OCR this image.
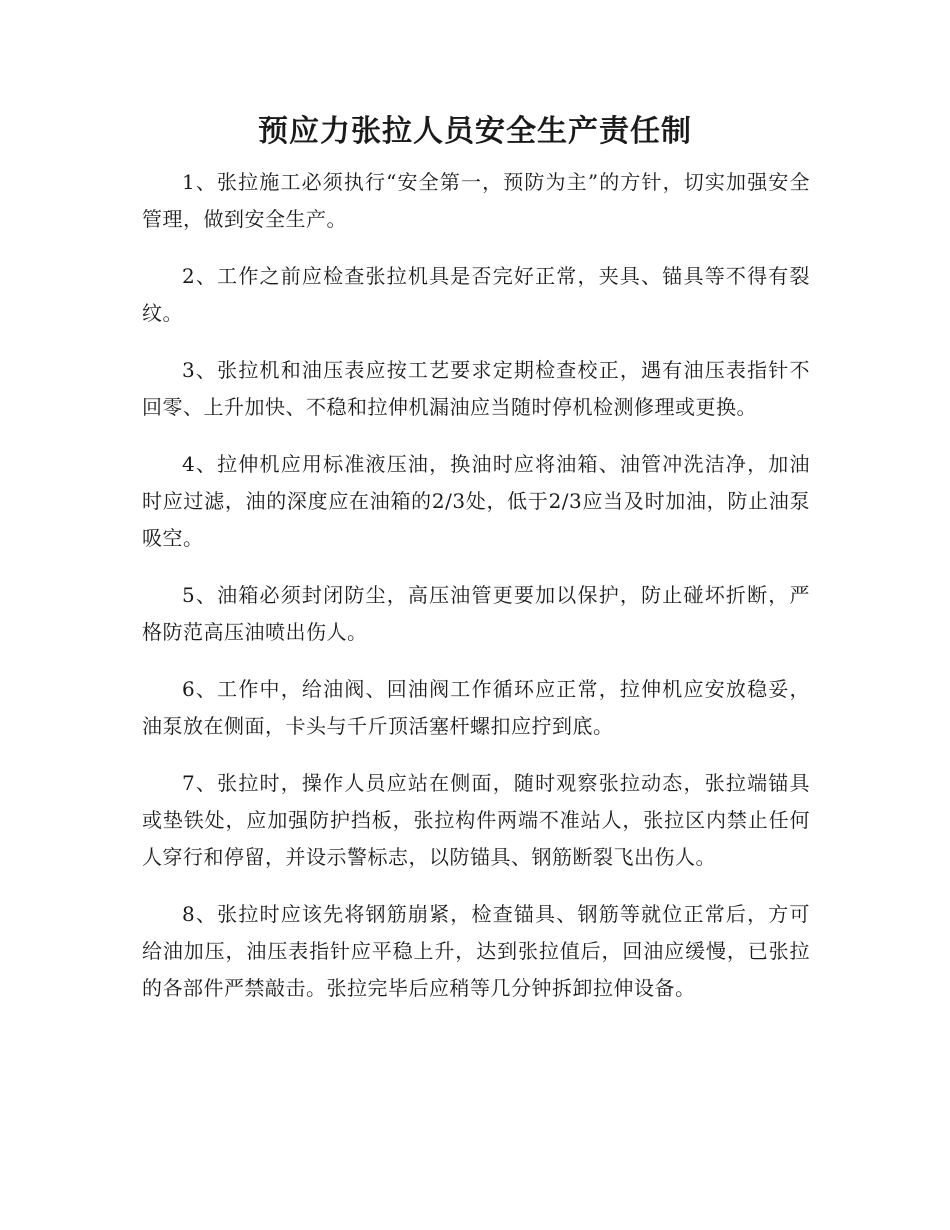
预应力张拉人员安全生产责任制

1、张拉施工必须执行“安全第一，预防为主”的方针，切实加强安全管理，做到安全生产。

2、工作之前应检查张拉机具是否完好正常，夹具、锚具等不得有裂纹。

3、张拉机和油压表应按工艺要求定期检查校正，遇有油压表指针不回零、上升加快、不稳和拉伸机漏油应当随时停机检测修理或更换。

4、拉伸机应用标准液压油，换油时应将油箱、油管冲洗洁净，加油时应过滤，油的深度应在油箱的2/3处，低于2/3应当及时加油，防止油泵吸空。

5、油箱必须封闭防尘，高压油管更要加以保护，防止碰坏折断，严格防范高压油喷出伤人。

6、工作中，给油阀、回油阀工作循环应正常，拉伸机应安放稳妥，油泵放在侧面，卡头与千斤顶活塞杆螺扣应拧到底。

7、张拉时，操作人员应站在侧面，随时观察张拉动态，张拉端锚具或垫铁处，应加强防护挡板，张拉构件两端不准站人，张拉区内禁止任何人穿行和停留，并设示警标志，以防锚具、钢筋断裂飞出伤人。

8、张拉时应该先将钢筋崩紧，检查锚具、钢筋等就位正常后，方可给油加压，油压表指针应平稳上升，达到张拉值后，回油应缓慢，已张拉的各部件严禁敲击。张拉完毕后应稍等几分钟拆卸拉伸设备。
